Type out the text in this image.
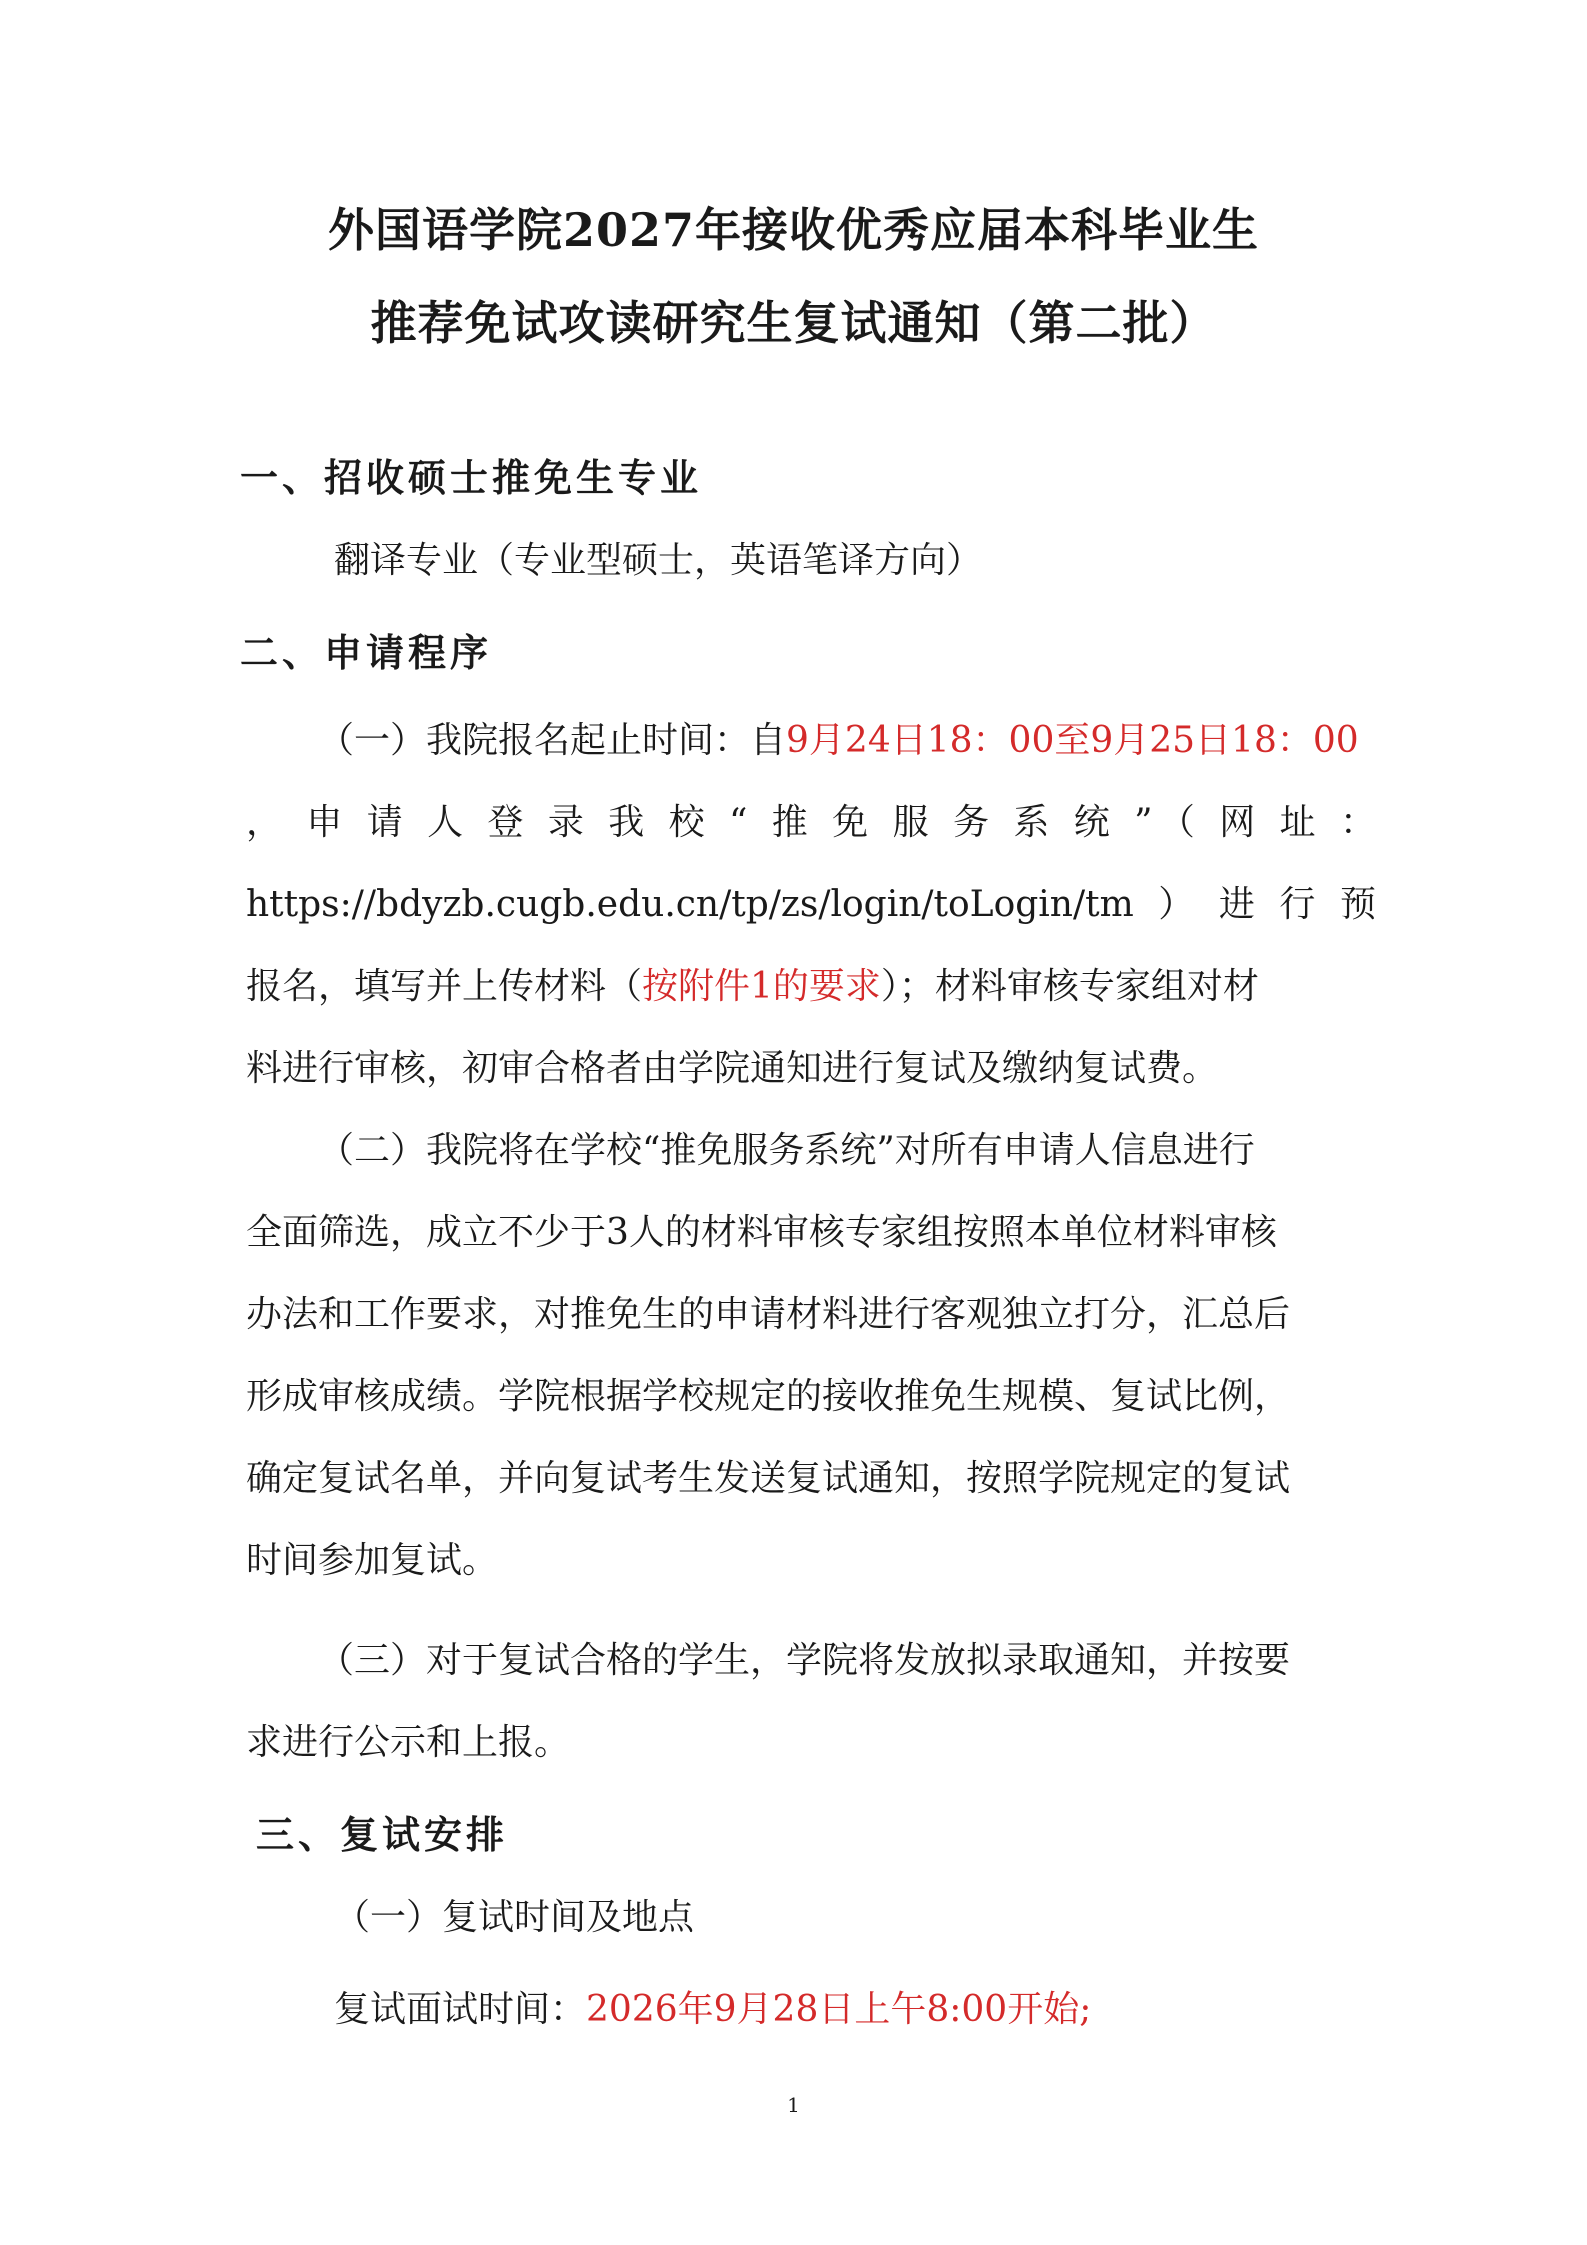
外国语学院2027年接收优秀应届本科毕业生
推荐免试攻读研究生复试通知（第二批）
一、招收硕士推免生专业
翻译专业（专业型硕士，英语笔译方向）
二、申请程序
（一）我院报名起止时间：自9月24日18：00至9月25日18：00
，申请人登录我校“推免服务系统”（网址：
https://bdyzb.cugb.edu.cn/tp/zs/login/toLogin/tm）进行预
报名，填写并上传材料（按附件1的要求）；材料审核专家组对材
料进行审核，初审合格者由学院通知进行复试及缴纳复试费。
（二）我院将在学校“推免服务系统”对所有申请人信息进行
全面筛选，成立不少于3人的材料审核专家组按照本单位材料审核
办法和工作要求，对推免生的申请材料进行客观独立打分，汇总后
形成审核成绩。学院根据学校规定的接收推免生规模、复试比例，
确定复试名单，并向复试考生发送复试通知，按照学院规定的复试
时间参加复试。
（三）对于复试合格的学生，学院将发放拟录取通知，并按要
求进行公示和上报。
三、复试安排
（一）复试时间及地点
复试面试时间：2026年9月28日上午8:00开始;
1
